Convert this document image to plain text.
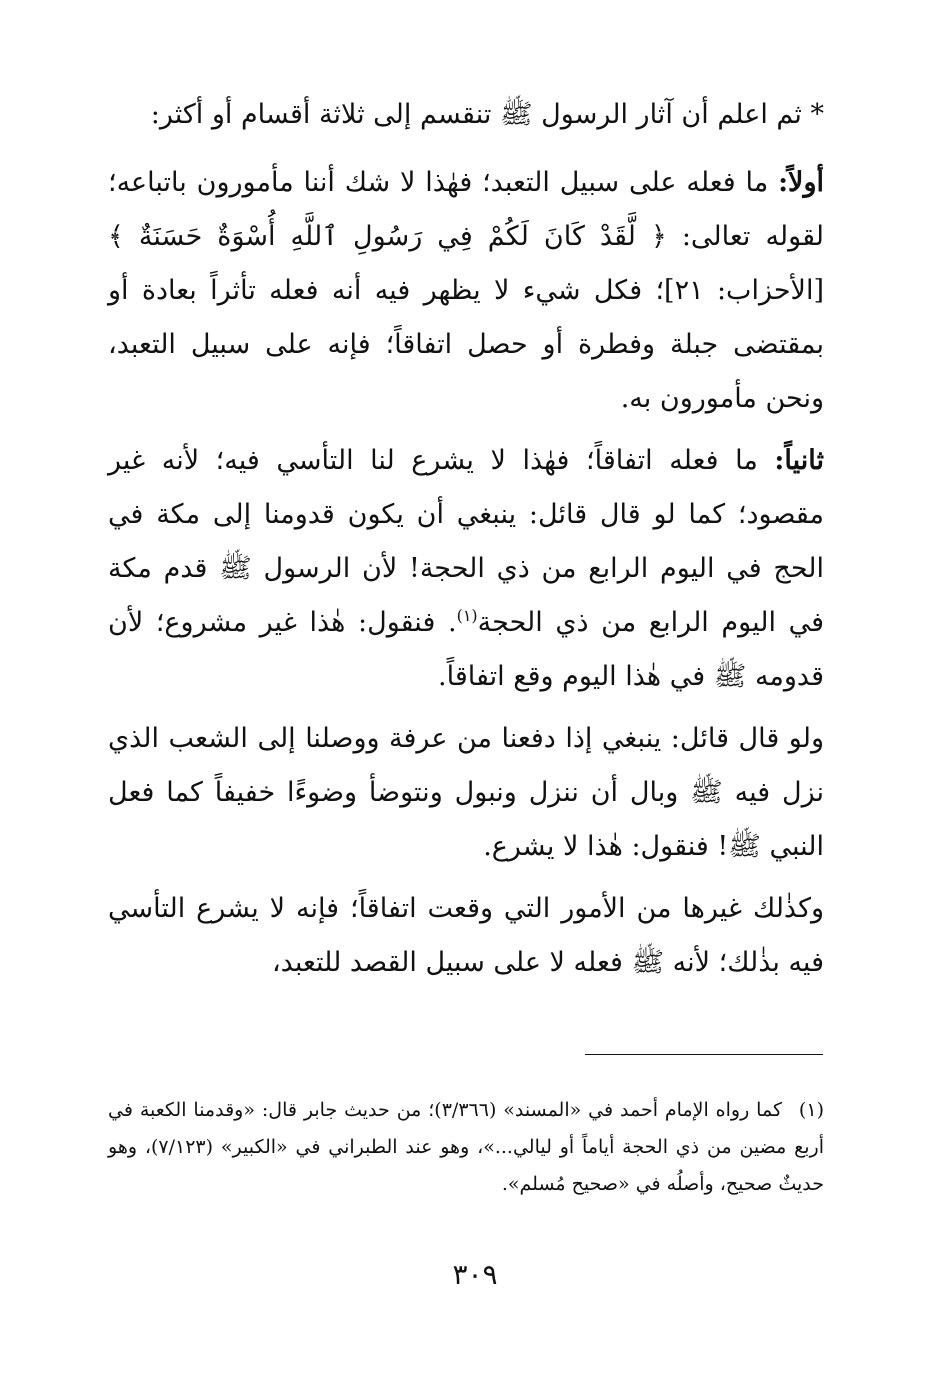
* ثم اعلم أن آثار الرسول ﷺ تنقسم إلى ثلاثة أقسام أو أكثر:

أولاً: ما فعله على سبيل التعبد؛ فهٰذا لا شك أننا مأمورون باتباعه؛ لقوله تعالى: ﴿ لَّقَدْ كَانَ لَكُمْ فِي رَسُولِ ٱللَّهِ أُسْوَةٌ حَسَنَةٌ ﴾ [الأحزاب: ٢١]؛ فكل شيء لا يظهر فيه أنه فعله تأثراً بعادة أو بمقتضى جبلة وفطرة أو حصل اتفاقاً؛ فإنه على سبيل التعبد، ونحن مأمورون به.

ثانياً: ما فعله اتفاقاً؛ فهٰذا لا يشرع لنا التأسي فيه؛ لأنه غير مقصود؛ كما لو قال قائل: ينبغي أن يكون قدومنا إلى مكة في الحج في اليوم الرابع من ذي الحجة! لأن الرسول ﷺ قدم مكة في اليوم الرابع من ذي الحجة$^{(١)}$. فنقول: هٰذا غير مشروع؛ لأن قدومه ﷺ في هٰذا اليوم وقع اتفاقاً.

ولو قال قائل: ينبغي إذا دفعنا من عرفة ووصلنا إلى الشعب الذي نزل فيه ﷺ وبال أن ننزل ونبول ونتوضأ وضوءًا خفيفاً كما فعل النبي ﷺ! فنقول: هٰذا لا يشرع.

وكذٰلك غيرها من الأمور التي وقعت اتفاقاً؛ فإنه لا يشرع التأسي فيه بذٰلك؛ لأنه ﷺ فعله لا على سبيل القصد للتعبد،

(١) كما رواه الإمام أحمد في «المسند» (٣/٣٦٦)؛ من حديث جابر قال: «وقدمنا الكعبة في أربع مضين من ذي الحجة أياماً أو ليالي...»، وهو عند الطبراني في «الكبير» (٧/١٢٣)، وهو حديثٌ صحيح، وأصلُه في «صحيح مُسلم».
٣٠٩
